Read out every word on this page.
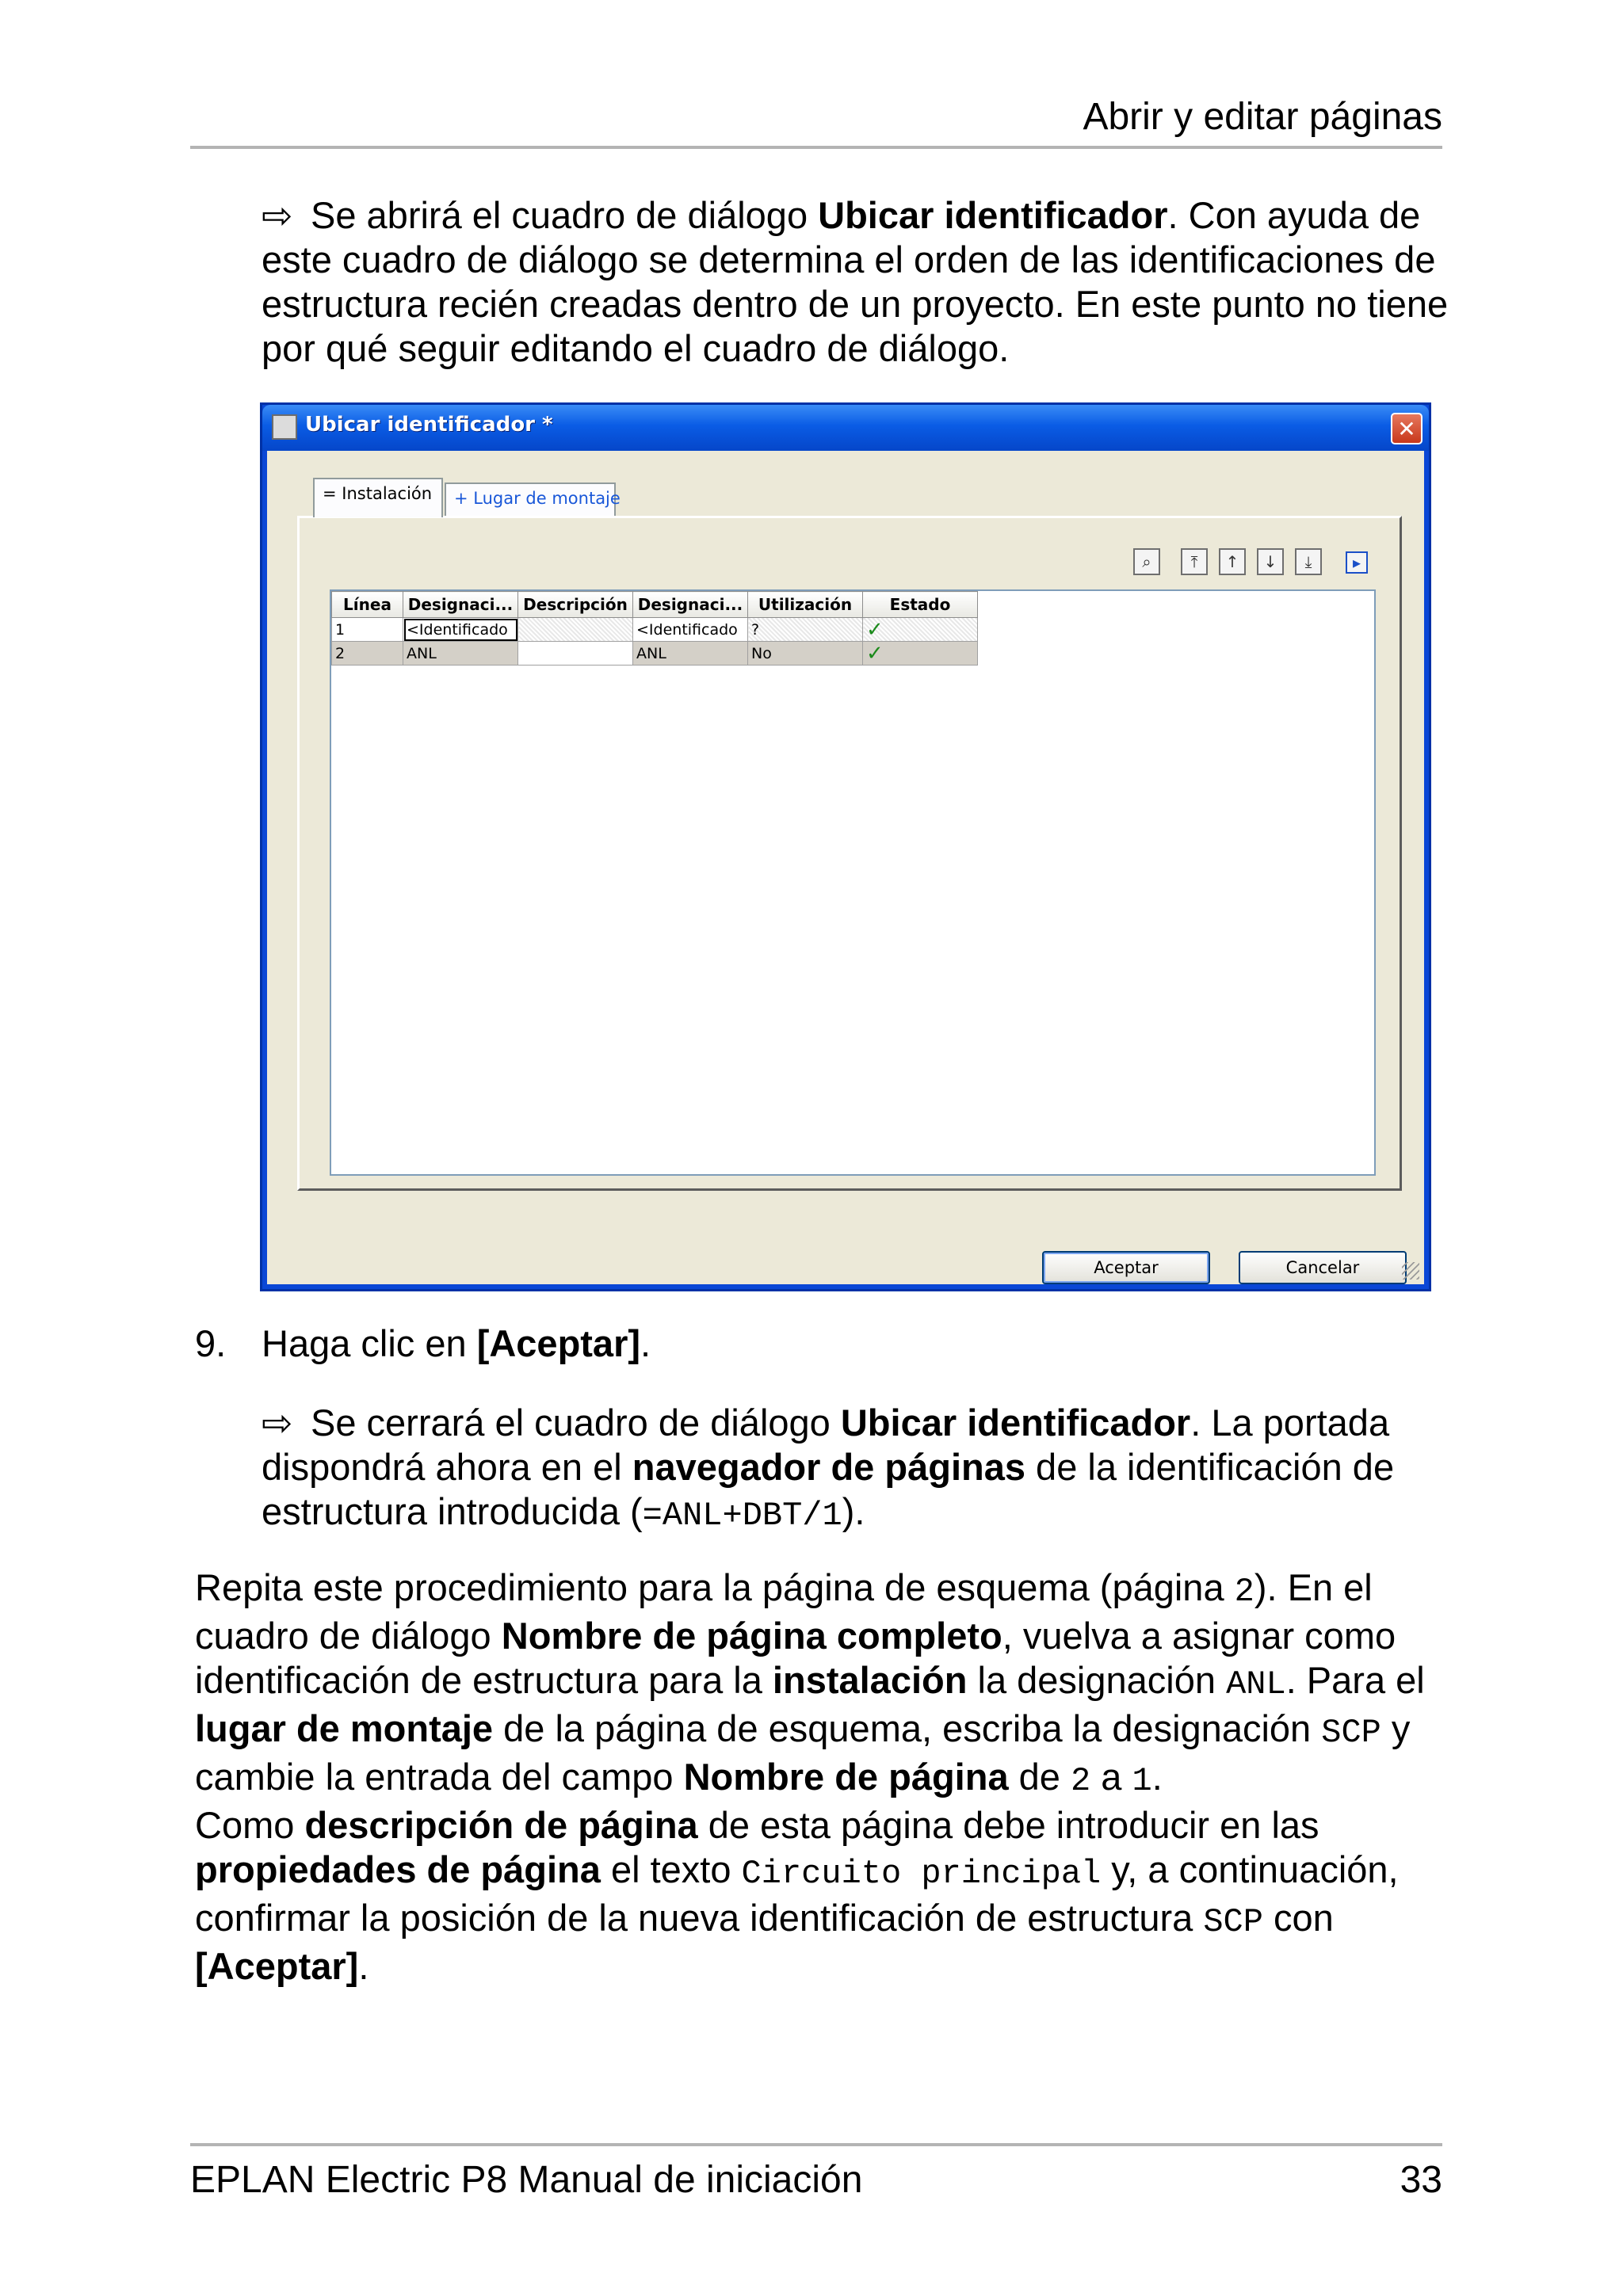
Abrir y editar páginas
⇨ Se abrirá el cuadro de diálogo Ubicar identificador. Con ayuda de este cuadro de diálogo se determina el orden de las identificaciones de estructura recién creadas dentro de un proyecto. En este punto no tiene por qué seguir editando el cuadro de diálogo.
Ubicar identificador *	✕
= Instalación	+ Lugar de montaje
⌕	⤒	↑	↓	⤓	▸
Línea	Designaci...	Descripción	Designaci...	Utilización	Estado
1	<Identificado		<Identificado	?	✓
2	ANL		ANL	No	✓
Aceptar	Cancelar
9. Haga clic en [Aceptar].
⇨ Se cerrará el cuadro de diálogo Ubicar identificador. La portada dispondrá ahora en el navegador de páginas de la identificación de estructura introducida (=ANL+DBT/1).
Repita este procedimiento para la página de esquema (página 2). En el cuadro de diálogo Nombre de página completo, vuelva a asignar como identificación de estructura para la instalación la designación ANL. Para el lugar de montaje de la página de esquema, escriba la designación SCP y cambie la entrada del campo Nombre de página de 2 a 1.
Como descripción de página de esta página debe introducir en las propiedades de página el texto Circuito principal y, a continuación, confirmar la posición de la nueva identificación de estructura SCP con [Aceptar].
EPLAN Electric P8 Manual de iniciación	33
